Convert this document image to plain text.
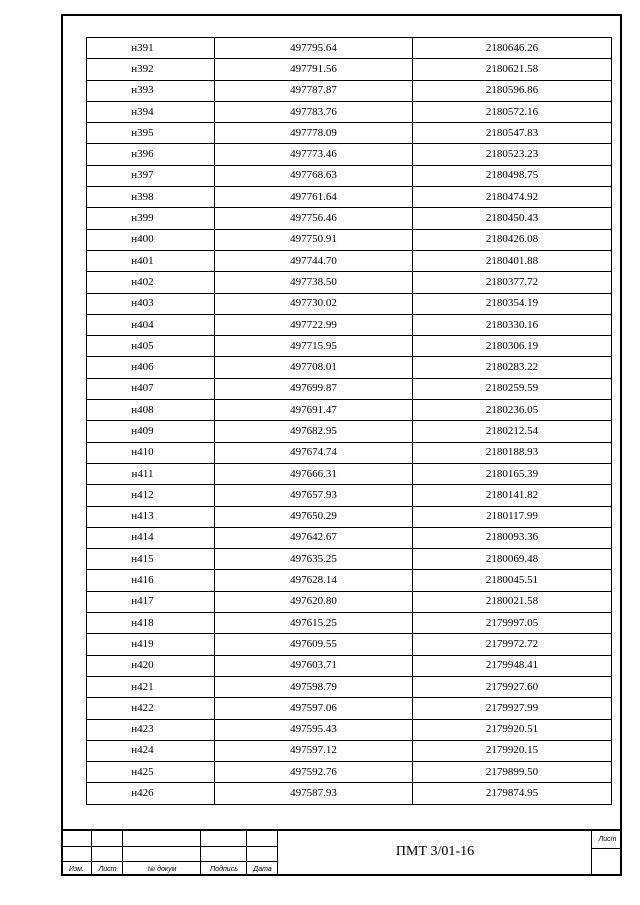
н391	497795.64	2180646.26
н392	497791.56	2180621.58
н393	497787.87	2180596.86
н394	497783.76	2180572.16
н395	497778.09	2180547.83
н396	497773.46	2180523.23
н397	497768.63	2180498.75
н398	497761.64	2180474.92
н399	497756.46	2180450.43
н400	497750.91	2180426.08
н401	497744.70	2180401.88
н402	497738.50	2180377.72
н403	497730.02	2180354.19
н404	497722.99	2180330.16
н405	497715.95	2180306.19
н406	497708.01	2180283.22
н407	497699.87	2180259.59
н408	497691.47	2180236.05
н409	497682.95	2180212.54
н410	497674.74	2180188.93
н411	497666.31	2180165.39
н412	497657.93	2180141.82
н413	497650.29	2180117.99
н414	497642.67	2180093.36
н415	497635.25	2180069.48
н416	497628.14	2180045.51
н417	497620.80	2180021.58
н418	497615.25	2179997.05
н419	497609.55	2179972.72
н420	497603.71	2179948.41
н421	497598.79	2179927.60
н422	497597.06	2179927.99
н423	497595.43	2179920.51
н424	497597.12	2179920.15
н425	497592.76	2179899.50
н426	497587.93	2179874.95
Изм.	Лист	№ докум	Подпись	Дата
ПМТ 3/01-16
Лист
